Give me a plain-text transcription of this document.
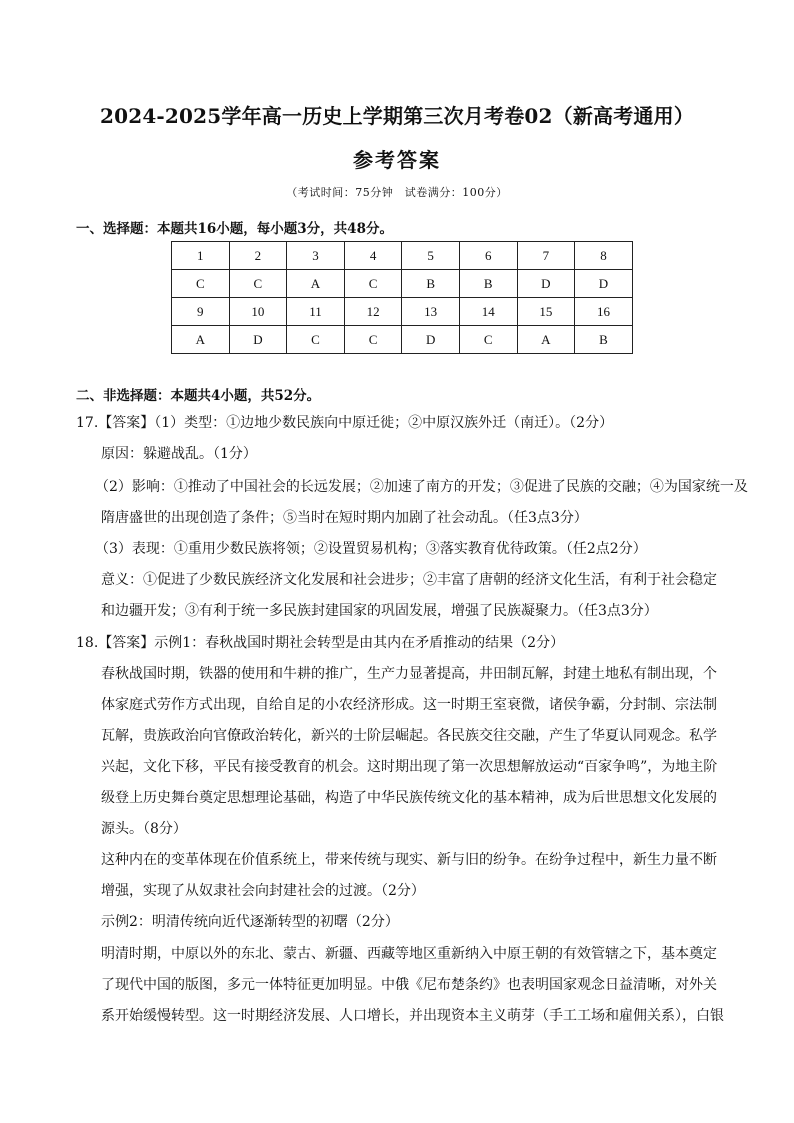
2024-2025学年高一历史上学期第三次月考卷02（新高考通用）
参考答案
（考试时间：75分钟　试卷满分：100分）
一、选择题：本题共16小题，每小题3分，共48分。
1	2	3	4	5	6	7	8
C	C	A	C	B	B	D	D
9	10	11	12	13	14	15	16
A	D	C	C	D	C	A	B
二、非选择题：本题共4小题，共52分。
17.【答案】（1）类型：①边地少数民族向中原迁徙；②中原汉族外迁（南迁）。（2分）
原因：躲避战乱。（1分）
（2）影响：①推动了中国社会的长远发展；②加速了南方的开发；③促进了民族的交融；④为国家统一及
隋唐盛世的出现创造了条件；⑤当时在短时期内加剧了社会动乱。（任3点3分）
（3）表现：①重用少数民族将领；②设置贸易机构；③落实教育优待政策。（任2点2分）
意义：①促进了少数民族经济文化发展和社会进步；②丰富了唐朝的经济文化生活，有利于社会稳定
和边疆开发；③有利于统一多民族封建国家的巩固发展，增强了民族凝聚力。（任3点3分）
18.【答案】示例1：春秋战国时期社会转型是由其内在矛盾推动的结果（2分）
春秋战国时期，铁器的使用和牛耕的推广，生产力显著提高，井田制瓦解，封建土地私有制出现，个
体家庭式劳作方式出现，自给自足的小农经济形成。这一时期王室衰微，诸侯争霸，分封制、宗法制
瓦解，贵族政治向官僚政治转化，新兴的士阶层崛起。各民族交往交融，产生了华夏认同观念。私学
兴起，文化下移，平民有接受教育的机会。这时期出现了第一次思想解放运动“百家争鸣”，为地主阶
级登上历史舞台奠定思想理论基础，构造了中华民族传统文化的基本精神，成为后世思想文化发展的
源头。（8分）
这种内在的变革体现在价值系统上，带来传统与现实、新与旧的纷争。在纷争过程中，新生力量不断
增强，实现了从奴隶社会向封建社会的过渡。（2分）
示例2：明清传统向近代逐渐转型的初曙（2分）
明清时期，中原以外的东北、蒙古、新疆、西藏等地区重新纳入中原王朝的有效管辖之下，基本奠定
了现代中国的版图，多元一体特征更加明显。中俄《尼布楚条约》也表明国家观念日益清晰，对外关
系开始缓慢转型。这一时期经济发展、人口增长，并出现资本主义萌芽（手工工场和雇佣关系），白银
